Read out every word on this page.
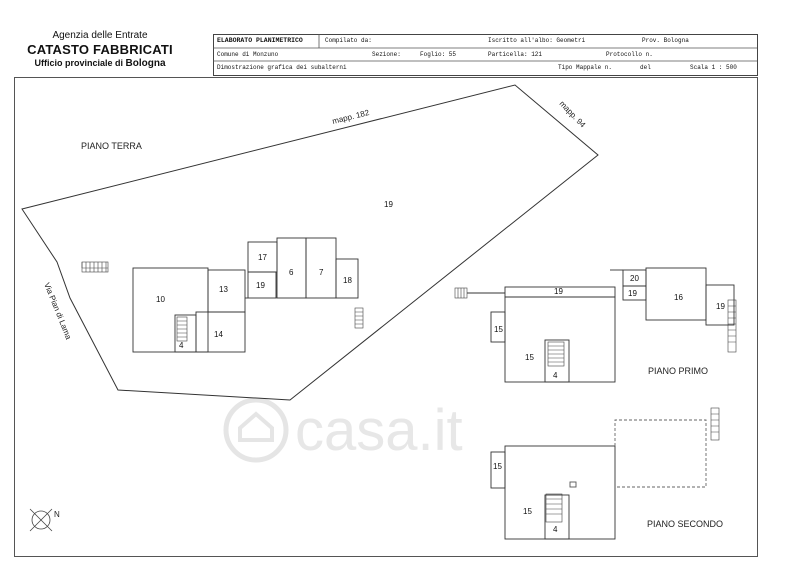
Agenzia delle Entrate
CATASTO FABBRICATI
Ufficio provinciale di Bologna
ELABORATO PLANIMETRICO	Compilato da:	Iscritto all'albo: Geometri	Prov. Bologna
Comune di Monzuno	Sezione:	Foglio: 55	Particella: 121	Protocollo n.
Dimostrazione grafica dei subalterni	Tipo Mappale n.	del	Scala 1 : 500
casa.it
N
mapp. 182	mapp. 94
Via Pian di Lama
19
PIANO TERRA
PIANO PRIMO
PIANO SECONDO
10
13
14
4
17
19
6	7
18
19
15
15
4
20
19	16
19
15
15
4
